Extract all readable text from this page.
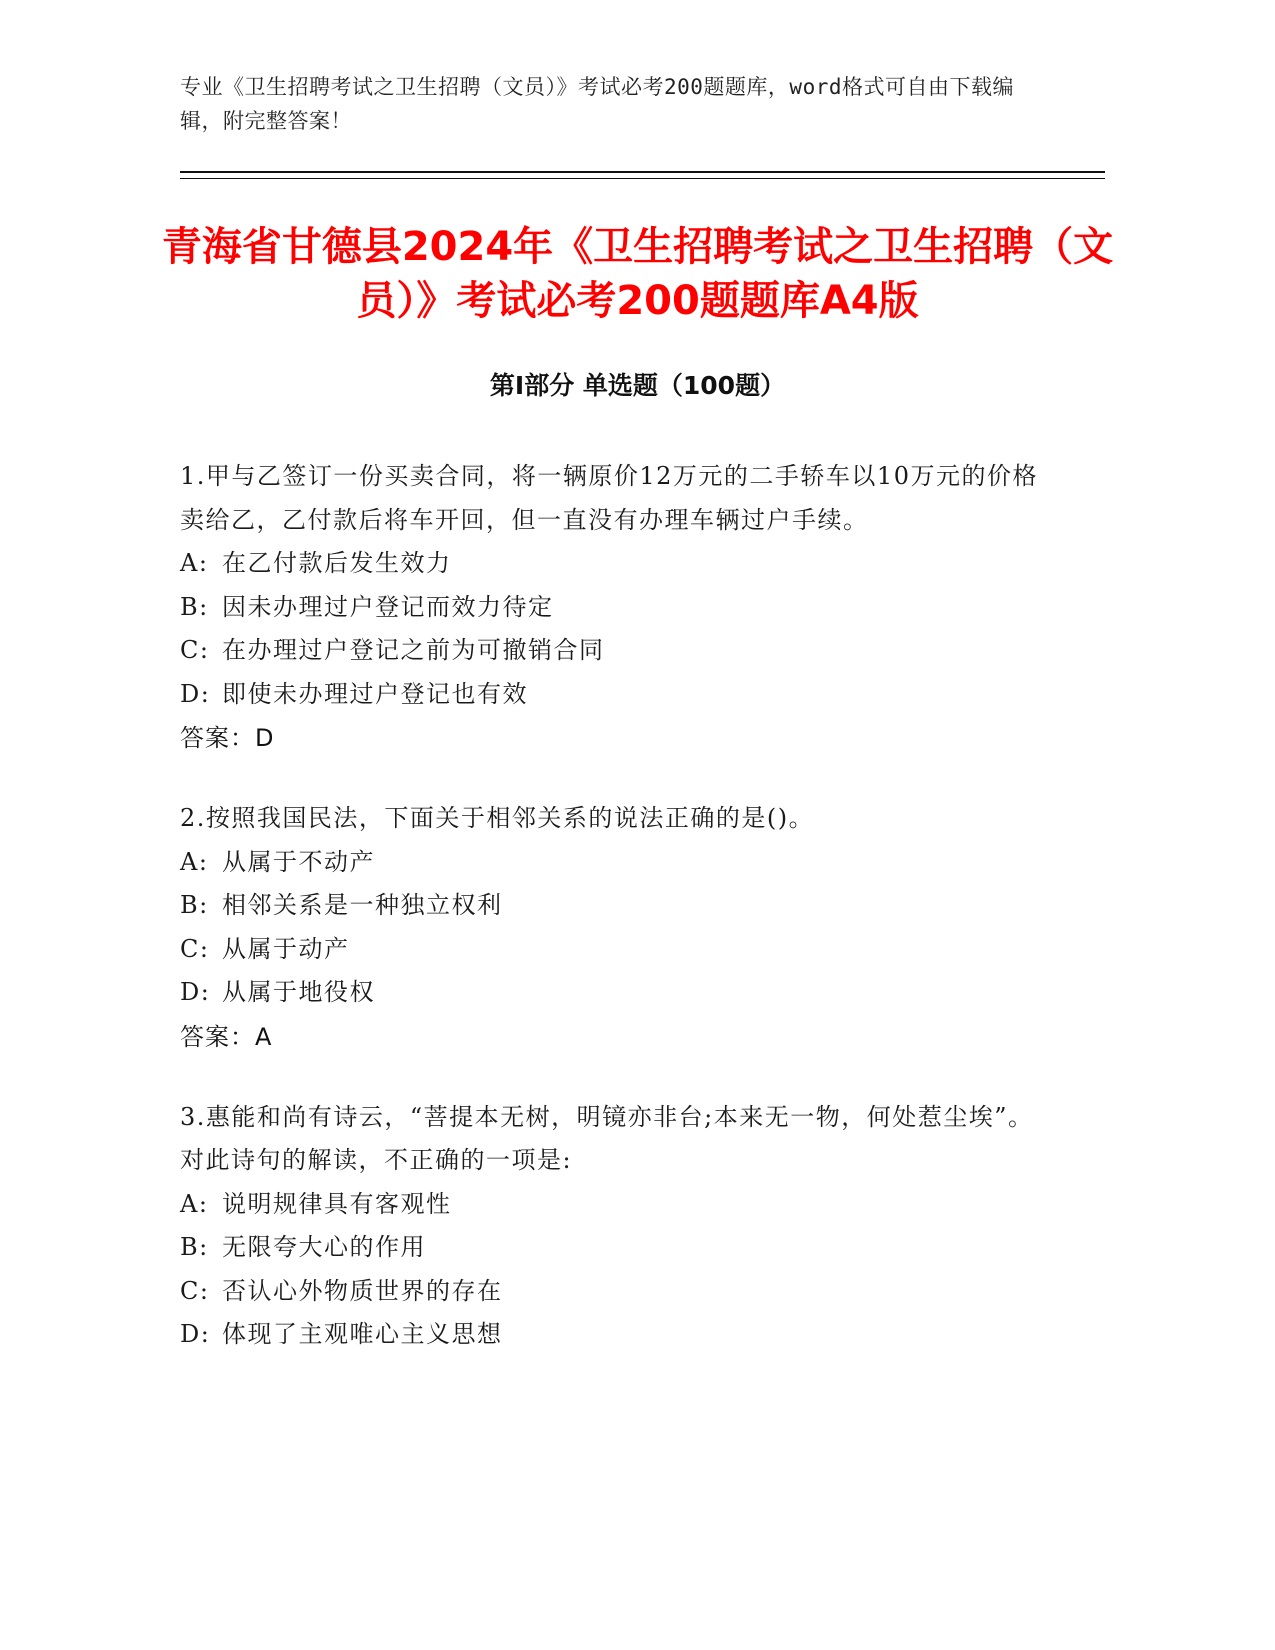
专业《卫生招聘考试之卫生招聘（文员）》考试必考200题题库，word格式可自由下载编辑，附完整答案！
青海省甘德县2024年《卫生招聘考试之卫生招聘（文员）》考试必考200题题库A4版
第Ⅰ部分 单选题（100题）
1.甲与乙签订一份买卖合同，将一辆原价12万元的二手轿车以10万元的价格卖给乙，乙付款后将车开回，但一直没有办理车辆过户手续。
A: 在乙付款后发生效力
B: 因未办理过户登记而效力待定
C: 在办理过户登记之前为可撤销合同
D: 即使未办理过户登记也有效
答案：D
2.按照我国民法，下面关于相邻关系的说法正确的是()。
A: 从属于不动产
B: 相邻关系是一种独立权利
C: 从属于动产
D: 从属于地役权
答案：A
3.惠能和尚有诗云，“菩提本无树，明镜亦非台;本来无一物，何处惹尘埃”。对此诗句的解读，不正确的一项是:
A: 说明规律具有客观性
B: 无限夸大心的作用
C: 否认心外物质世界的存在
D: 体现了主观唯心主义思想
